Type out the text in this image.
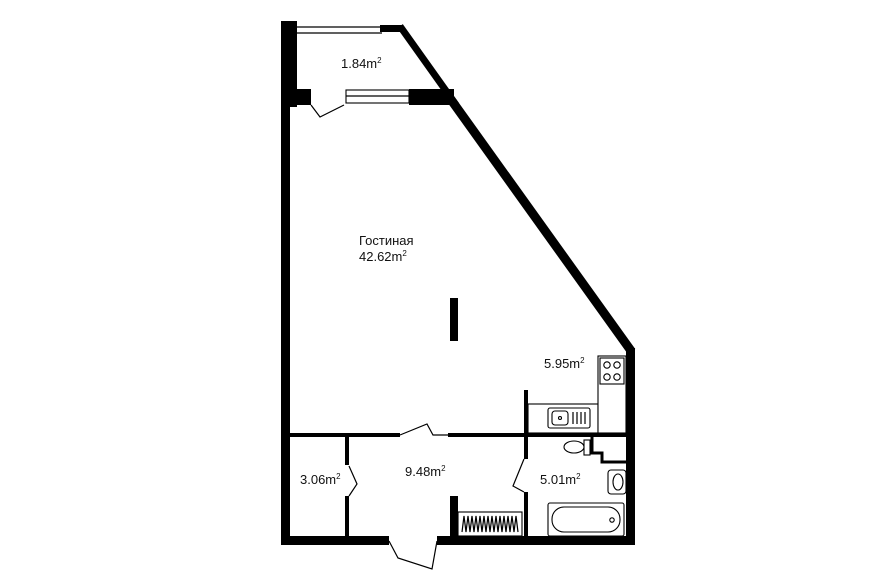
$1.84m^2$
Гостиная
$42.62m^2$
$5.95m^2$
$3.06m^2$	$9.48m^2$
$5.01m^2$
